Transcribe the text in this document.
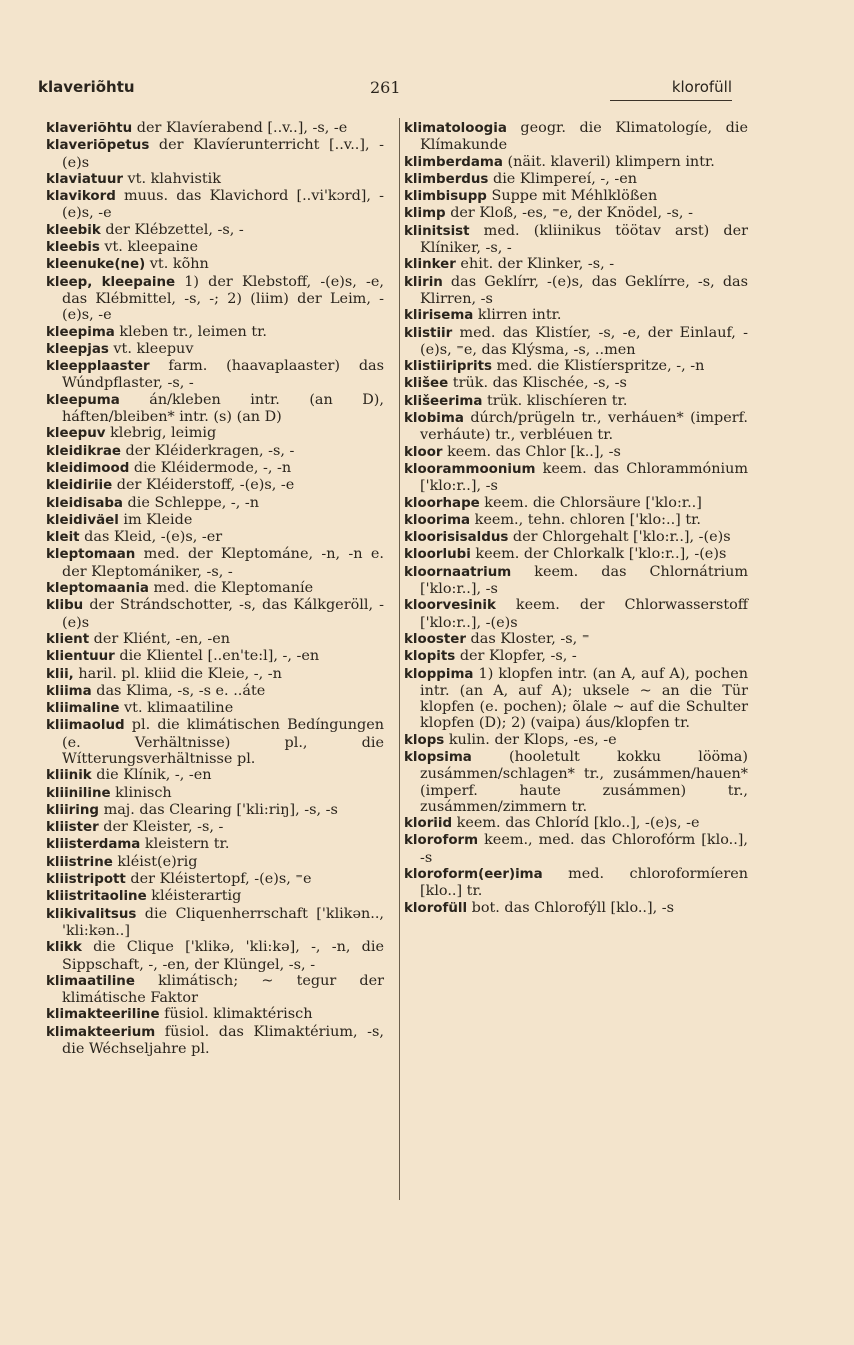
klaveriõhtu	261	klorofüll

klaveriõhtu der Klavíerabend [..v..], -s, -e

klaveriõpetus der Klavíerunterricht [..v..], -(e)s

klaviatuur vt. klahvistik

klavikord muus. das Klavichord [..vi'kɔrd], -(e)s, -e

kleebik der Klébzettel, -s, -

kleebis vt. kleepaine

kleenuke(ne) vt. kõhn

kleep, kleepaine 1) der Klebstoff, -(e)s, -e, das Klébmittel, -s, -; 2) (liim) der Leim, -(e)s, -e

kleepima kleben tr., leimen tr.

kleepjas vt. kleepuv

kleepplaaster farm. (haavaplaaster) das Wúndpflaster, -s, -

kleepuma án/kleben intr. (an D), háften/bleiben* intr. (s) (an D)

kleepuv klebrig, leimig

kleidikrae der Kléiderkragen, -s, -

kleidimood die Kléidermode, -, -n

kleidiriie der Kléiderstoff, -(e)s, -e

kleidisaba die Schleppe, -, -n

kleidiväel im Kleide

kleit das Kleid, -(e)s, -er

kleptomaan med. der Kleptománe, -n, -n e. der Kleptomániker, -s, -

kleptomaania med. die Kleptomaníe

klibu der Strándschotter, -s, das Kálkgeröll, -(e)s

klient der Kliént, -en, -en

klientuur die Klientel [..en'te:l], -, -en

klii, haril. pl. kliid die Kleie, -, -n

kliima das Klima, -s, -s e. ..áte

kliimaline vt. klimaatiline

kliimaolud pl. die klimátischen Bedíngungen (e. Verhältnisse) pl., die Wítterungsverhältnisse pl.

kliinik die Klínik, -, -en

kliiniline klinisch

kliiring maj. das Clearing ['kli:riŋ], -s, -s

kliister der Kleister, -s, -

kliisterdama kleistern tr.

kliistrine kléist(e)rig

kliistripott der Kléistertopf, -(e)s, ⁼e

kliistritaoline kléisterartig

klikivalitsus die Cliquenherrschaft ['klikən.., 'kli:kən..]

klikk die Clique ['klikə, 'kli:kə], -, -n, die Sippschaft, -, -en, der Klüngel, -s, -

klimaatiline klimátisch; ~ tegur der klimátische Faktor

klimakteeriline füsiol. klimaktérisch

klimakteerium füsiol. das Klimaktérium, -s, die Wéchseljahre pl.

klimatoloogia geogr. die Klimatologíe, die Klímakunde

klimberdama (näit. klaveril) klimpern intr.

klimberdus die Klimpereí, -, -en

klimbisupp Suppe mit Méhlklößen

klimp der Kloß, -es, ⁼e, der Knödel, -s, -

klinitsist med. (kliinikus töötav arst) der Klíniker, -s, -

klinker ehit. der Klinker, -s, -

klirin das Geklírr, -(e)s, das Geklírre, -s, das Klirren, -s

klirisema klirren intr.

klistiir med. das Klistíer, -s, -e, der Einlauf, -(e)s, ⁼e, das Klýsma, -s, ..men

klistiiriprits med. die Klistíerspritze, -, -n

klišee trük. das Klischée, -s, -s

klišeerima trük. klischíeren tr.

klobima dúrch/prügeln tr., verháuen* (imperf. verháute) tr., verbléuen tr.

kloor keem. das Chlor [k..], -s

kloorammoonium keem. das Chlorammónium ['klo:r..], -s

kloorhape keem. die Chlorsäure ['klo:r..]

kloorima keem., tehn. chloren ['klo:..] tr.

kloorisisaldus der Chlorgehalt ['klo:r..], -(e)s

kloorlubi keem. der Chlorkalk ['klo:r..], -(e)s

kloornaatrium keem. das Chlornátrium ['klo:r..], -s

kloorvesinik keem. der Chlorwasserstoff ['klo:r..], -(e)s

klooster das Kloster, -s, ⁼

klopits der Klopfer, -s, -

kloppima 1) klopfen intr. (an A, auf A), pochen intr. (an A, auf A); uksele ~ an die Tür klopfen (e. pochen); õlale ~ auf die Schulter klopfen (D); 2) (vaipa) áus/klopfen tr.

klops kulin. der Klops, -es, -e

klopsima (hooletult kokku lööma) zusámmen/schlagen* tr., zusámmen/hauen* (imperf. haute zusámmen) tr., zusámmen/zimmern tr.

kloriid keem. das Chloríd [klo..], -(e)s, -e

kloroform keem., med. das Chlorofórm [klo..], -s

kloroform(eer)ima med. chloroformíeren [klo..] tr.

klorofüll bot. das Chlorofýll [klo..], -s
